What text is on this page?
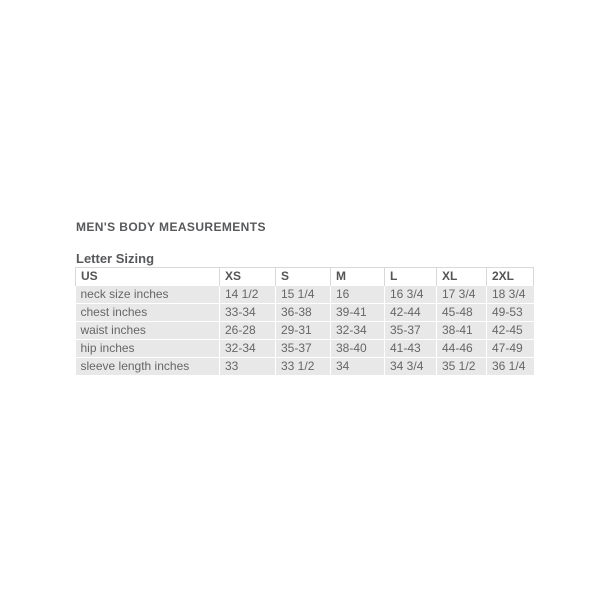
MEN'S BODY MEASUREMENTS
Letter Sizing
US	XS	S	M	L	XL	2XL
neck size inches	14 1/2	15 1/4	16	16 3/4	17 3/4	18 3/4
chest inches	33-34	36-38	39-41	42-44	45-48	49-53
waist inches	26-28	29-31	32-34	35-37	38-41	42-45
hip inches	32-34	35-37	38-40	41-43	44-46	47-49
sleeve length inches	33	33 1/2	34	34 3/4	35 1/2	36 1/4
